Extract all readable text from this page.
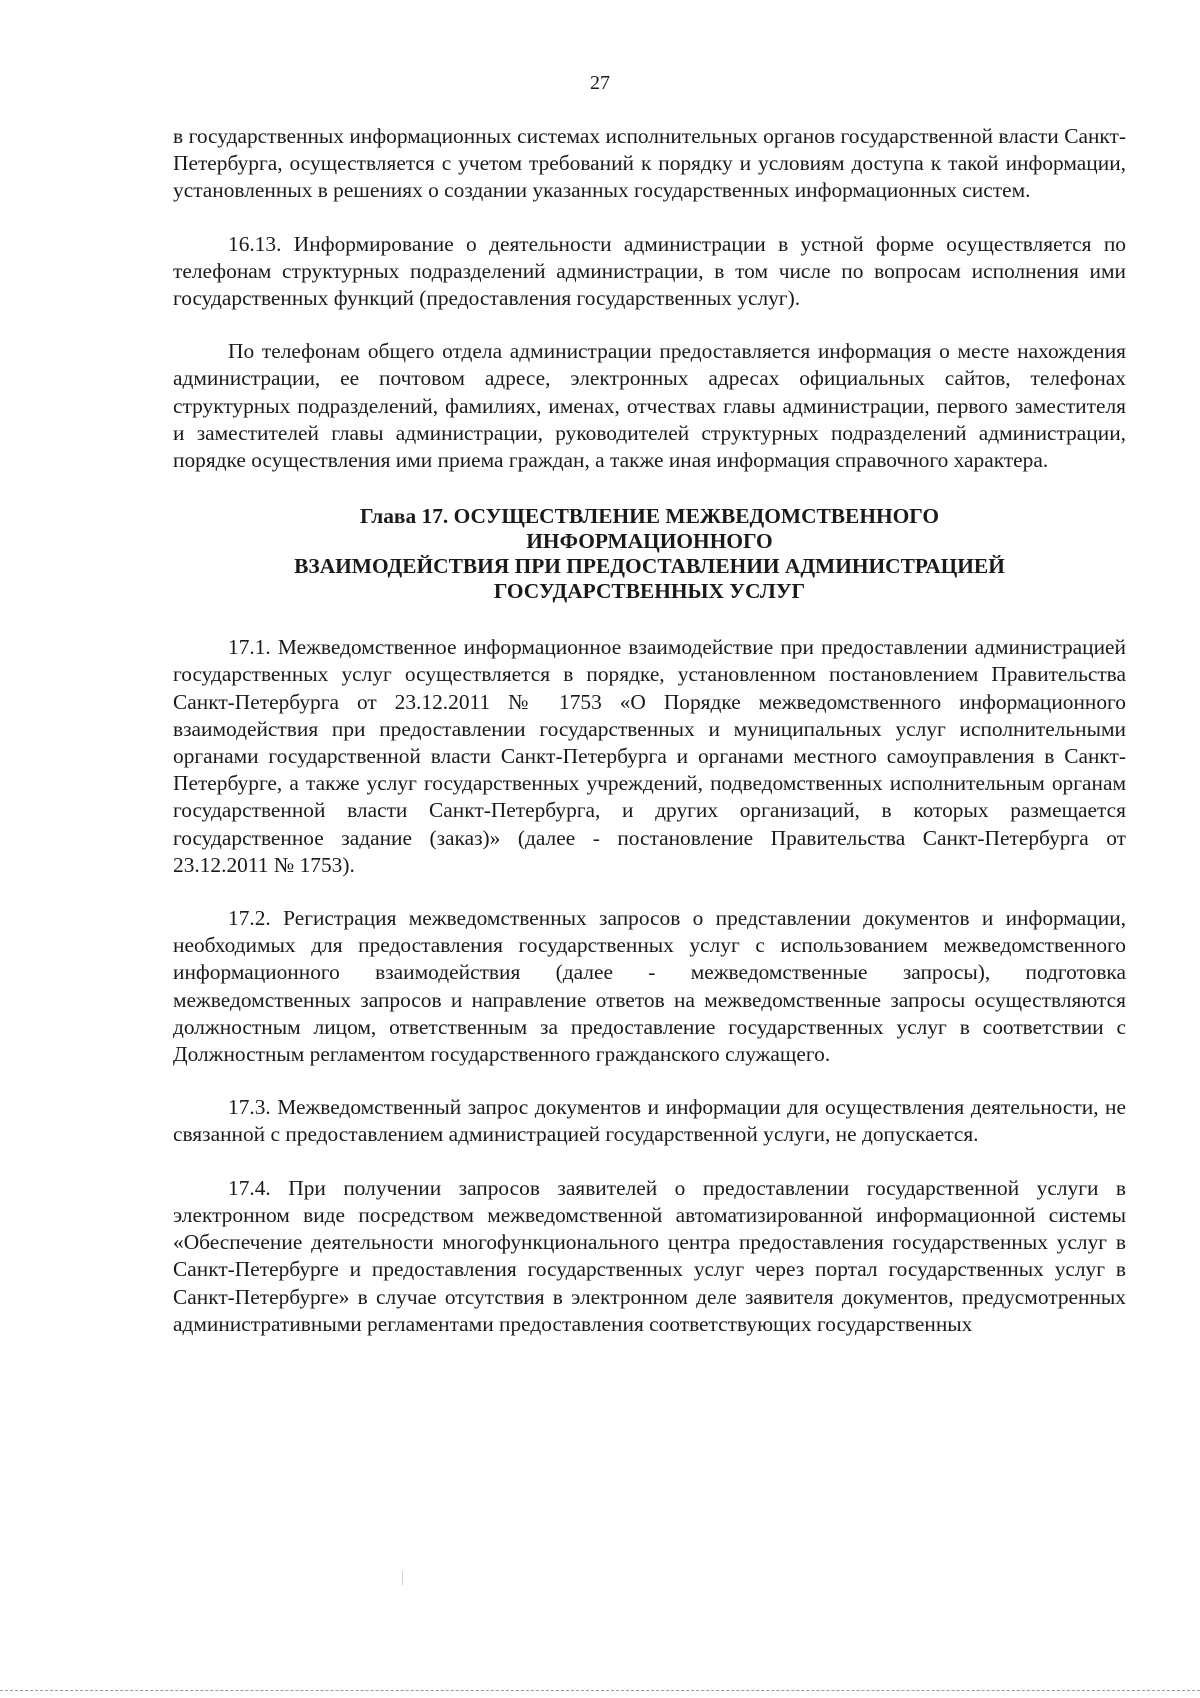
27

в государственных информационных системах исполнительных органов государственной власти Санкт-Петербурга, осуществляется с учетом требований к порядку и условиям доступа к такой информации, установленных в решениях о создании указанных государственных информационных систем.

16.13. Информирование о деятельности администрации в устной форме осуществляется по телефонам структурных подразделений администрации, в том числе по вопросам исполнения ими государственных функций (предоставления государственных услуг).

По телефонам общего отдела администрации предоставляется информация о месте нахождения администрации, ее почтовом адресе, электронных адресах официальных сайтов, телефонах структурных подразделений, фамилиях, именах, отчествах главы администрации, первого заместителя и заместителей главы администрации, руководителей структурных подразделений администрации, порядке осуществления ими приема граждан, а также иная информация справочного характера.

Глава 17. ОСУЩЕСТВЛЕНИЕ МЕЖВЕДОМСТВЕННОГО
ИНФОРМАЦИОННОГО
ВЗАИМОДЕЙСТВИЯ ПРИ ПРЕДОСТАВЛЕНИИ АДМИНИСТРАЦИЕЙ
ГОСУДАРСТВЕННЫХ УСЛУГ

17.1. Межведомственное информационное взаимодействие при предоставлении администрацией государственных услуг осуществляется в порядке, установленном постановлением Правительства Санкт-Петербурга от 23.12.2011 № 1753 «О Порядке межведомственного информационного взаимодействия при предоставлении государственных и муниципальных услуг исполнительными органами государственной власти Санкт-Петербурга и органами местного самоуправления в Санкт-Петербурге, а также услуг государственных учреждений, подведомственных исполнительным органам государственной власти Санкт-Петербурга, и других организаций, в которых размещается государственное задание (заказ)» (далее - постановление Правительства Санкт-Петербурга от 23.12.2011 № 1753).

17.2. Регистрация межведомственных запросов о представлении документов и информации, необходимых для предоставления государственных услуг с использованием межведомственного информационного взаимодействия (далее - межведомственные запросы), подготовка межведомственных запросов и направление ответов на межведомственные запросы осуществляются должностным лицом, ответственным за предоставление государственных услуг в соответствии с Должностным регламентом государственного гражданского служащего.

17.3. Межведомственный запрос документов и информации для осуществления деятельности, не связанной с предоставлением администрацией государственной услуги, не допускается.

17.4. При получении запросов заявителей о предоставлении государственной услуги в электронном виде посредством межведомственной автоматизированной информационной системы «Обеспечение деятельности многофункционального центра предоставления государственных услуг в Санкт-Петербурге и предоставления государственных услуг через портал государственных услуг в Санкт-Петербурге» в случае отсутствия в электронном деле заявителя документов, предусмотренных административными регламентами предоставления соответствующих государственных
